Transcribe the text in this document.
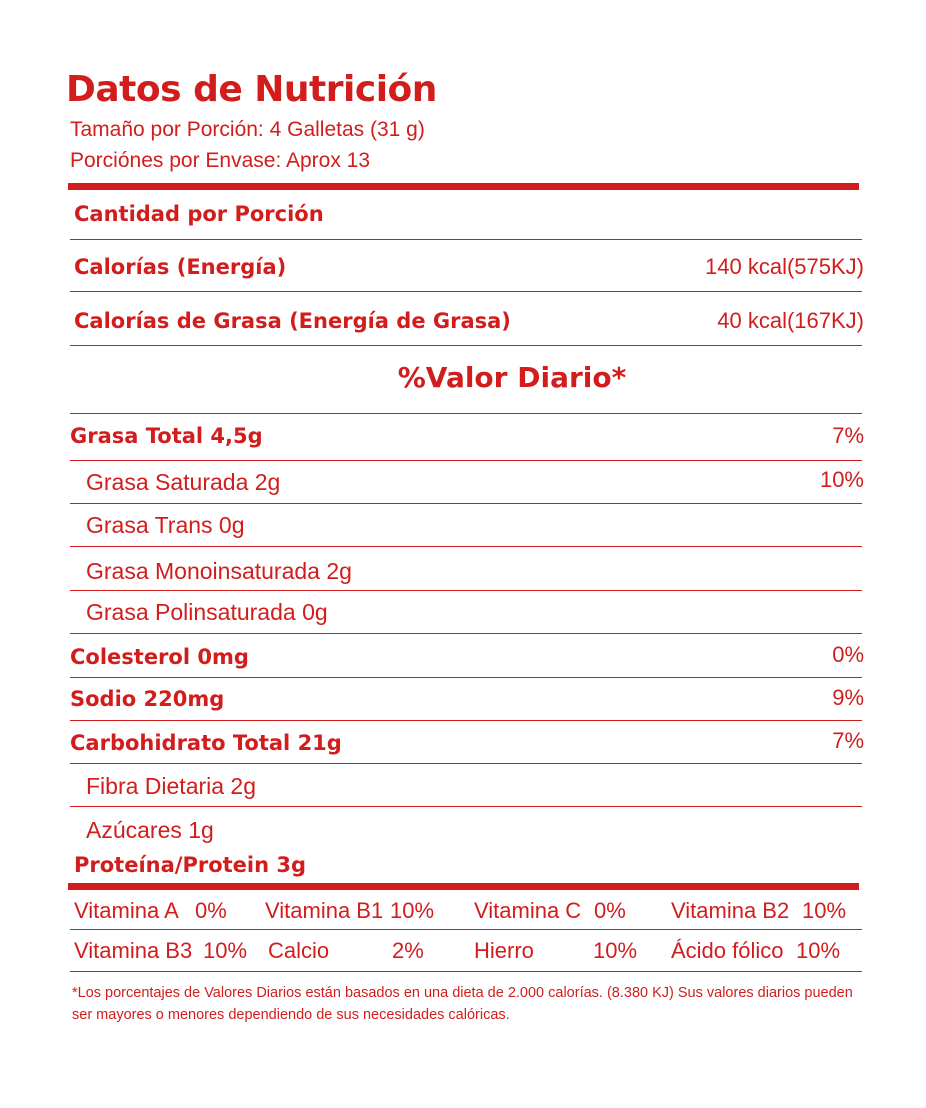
Datos de Nutrición
Tamaño por Porción: 4 Galletas (31 g)
Porciónes por Envase: Aprox 13
Cantidad por Porción
Calorías (Energía)	140 kcal(575KJ)
Calorías de Grasa (Energía de Grasa)	40 kcal(167KJ)
%Valor Diario*
Grasa Total 4,5g	7%
Grasa Saturada 2g	10%
Grasa Trans 0g
Grasa Monoinsaturada 2g
Grasa Polinsaturada 0g
Colesterol 0mg	0%
Sodio 220mg	9%
Carbohidrato Total 21g	7%
Fibra Dietaria 2g
Azúcares 1g
Proteína/Protein 3g
Vitamina A 0% Vitamina B1 10% Vitamina C 0% Vitamina B2 10%
Vitamina B3 10% Calcio	2% Hierro	10% Ácido fólico 10%
*Los porcentajes de Valores Diarios están basados en una dieta de 2.000 calorías. (8.380 KJ) Sus valores diarios pueden ser mayores o menores dependiendo de sus necesidades calóricas.
